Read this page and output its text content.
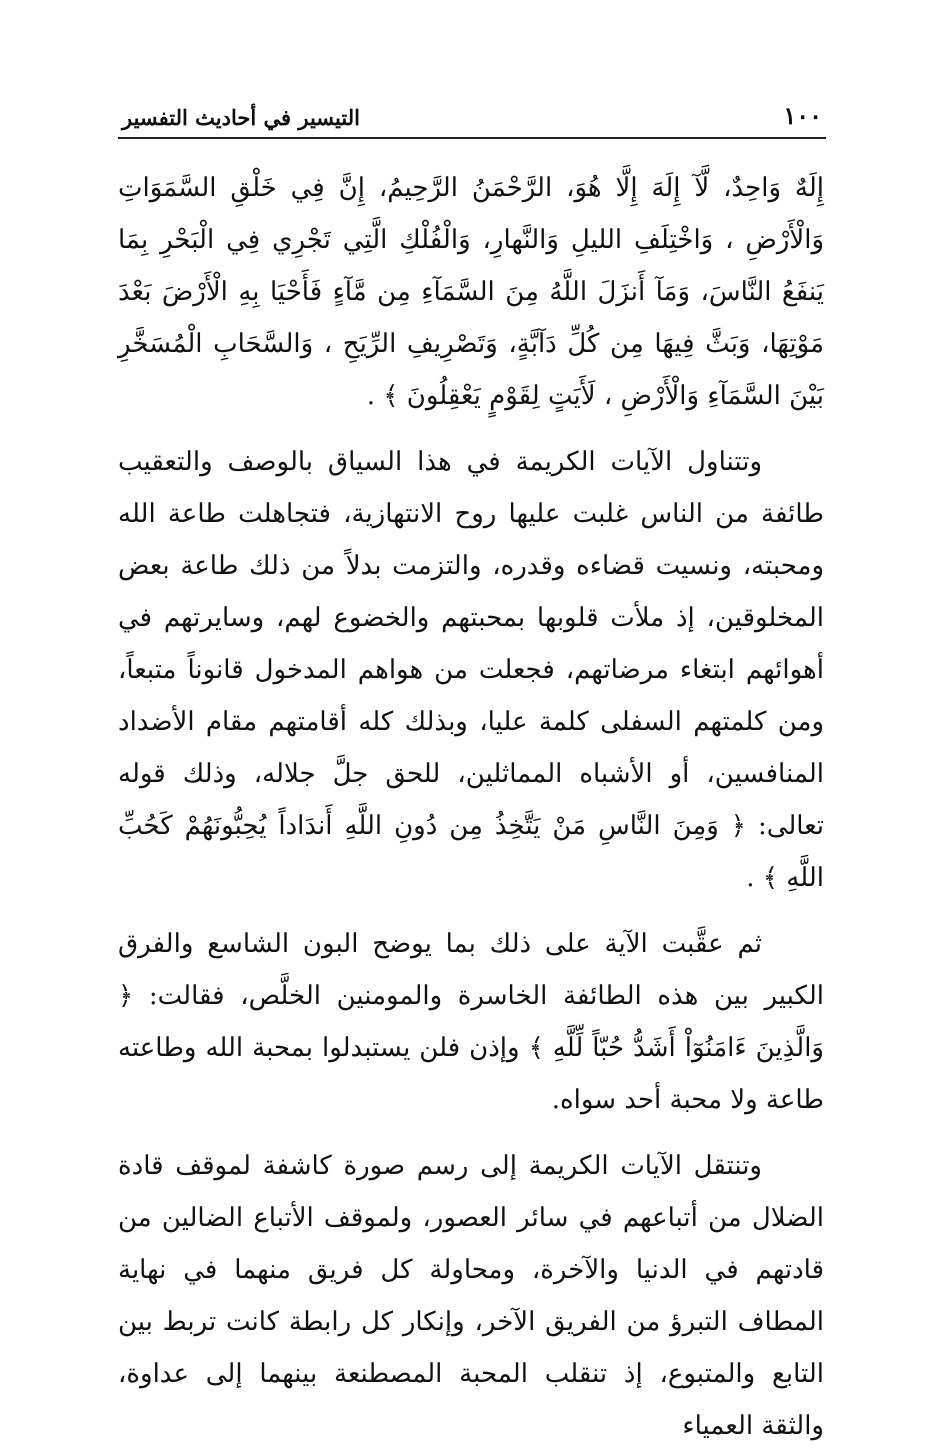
١٠٠
التيسير في أحاديث التفسير

إِلَهٌ وَاحِدٌ، لَّآ إِلَهَ إِلَّا هُوَ، الرَّحْمَنُ الرَّحِيمُ، إِنَّ فِي خَلْقِ السَّمَوَاتِ وَالْأَرْضِ ، وَاخْتِلَفِ الليلِ وَالنَّهارِ، وَالْفُلْكِ الَّتِي تَجْرِي فِي الْبَحْرِ بِمَا يَنفَعُ النَّاسَ، وَمَآ أَنزَلَ اللَّهُ مِنَ السَّمَآءِ مِن مَّآءٍ فَأَحْيَا بِهِ الْأَرْضَ بَعْدَ مَوْتِهَا، وَبَثَّ فِيهَا مِن كُلِّ دَآبَّةٍ، وَتَصْرِيفِ الرِّيَحِ ، وَالسَّحَابِ الْمُسَخَّرِ بَيْنَ السَّمَآءِ وَالْأَرْضِ ، لَأَيَتٍ لِقَوْمٍ يَعْقِلُونَ ﴾ .

وتتناول الآيات الكريمة في هذا السياق بالوصف والتعقيب طائفة من الناس غلبت عليها روح الانتهازية، فتجاهلت طاعة الله ومحبته، ونسيت قضاءه وقدره، والتزمت بدلاً من ذلك طاعة بعض المخلوقين، إذ ملأت قلوبها بمحبتهم والخضوع لهم، وسايرتهم في أهوائهم ابتغاء مرضاتهم، فجعلت من هواهم المدخول قانوناً متبعاً، ومن كلمتهم السفلى كلمة عليا، وبذلك كله أقامتهم مقام الأضداد المنافسين، أو الأشباه المماثلين، للحق جلَّ جلاله، وذلك قوله تعالى: ﴿ وَمِنَ النَّاسِ مَنْ يَتَّخِذُ مِن دُونِ اللَّهِ أَندَاداً يُحِبُّونَهُمْ كَحُبِّ اللَّهِ ﴾ .

ثم عقَّبت الآية على ذلك بما يوضح البون الشاسع والفرق الكبير بين هذه الطائفة الخاسرة والمومنين الخلَّص، فقالت: ﴿ وَالَّذِينَ ءَامَنُوٓاْ أَشَدُّ حُبّاً لِّلَّهِ ﴾ وإذن فلن يستبدلوا بمحبة الله وطاعته طاعة ولا محبة أحد سواه.

وتنتقل الآيات الكريمة إلى رسم صورة كاشفة لموقف قادة الضلال من أتباعهم في سائر العصور، ولموقف الأتباع الضالين من قادتهم في الدنيا والآخرة، ومحاولة كل فريق منهما في نهاية المطاف التبرؤ من الفريق الآخر، وإنكار كل رابطة كانت تربط بين التابع والمتبوع، إذ تنقلب المحبة المصطنعة بينهما إلى عداوة، والثقة العمياء
